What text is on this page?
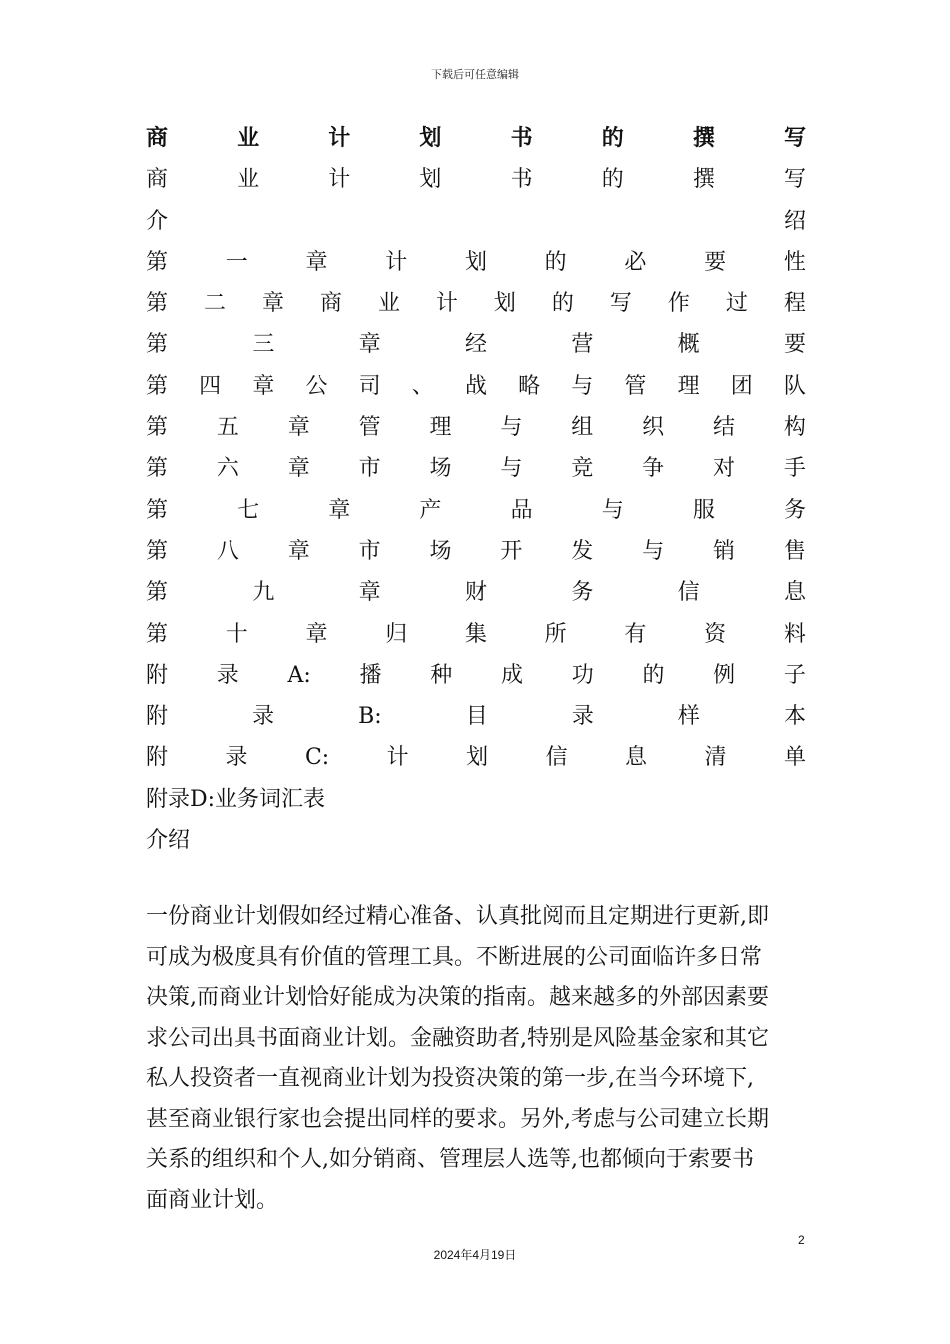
下载后可任意编辑
商	业	计	划	书	的	撰	写
商	业	计	划	书	的	撰	写
介	绍
第	一	章	计	划	的	必	要	性
第 二 章 商 业 计 划 的 写 作 过 程
第	三	章	经	营	概	要
第 四 章 公 司 、 战 略 与 管 理 团 队
第 五 章 管 理 与 组 织 结 构
第 六 章 市 场 与 竞 争 对 手
第	七	章	产	品	与	服	务
第 八 章 市 场 开 发 与 销 售
第	九	章	财	务	信	息
第	十	章	归	集	所	有	资	料
附 录 A: 播 种 成 功 的 例 子
附	录	B:	目	录	样	本
附	录	C:	计	划	信	息	清	单
附录D:业务词汇表
介绍
一份商业计划假如经过精心准备、认真批阅而且定期进行更新,即
可成为极度具有价值的管理工具。不断进展的公司面临许多日常
决策,而商业计划恰好能成为决策的指南。越来越多的外部因素要
求公司出具书面商业计划。金融资助者,特别是风险基金家和其它
私人投资者一直视商业计划为投资决策的第一步,在当今环境下,
甚至商业银行家也会提出同样的要求。另外,考虑与公司建立长期
关系的组织和个人,如分销商、管理层人选等,也都倾向于索要书
面商业计划。
2
2024年4月19日
